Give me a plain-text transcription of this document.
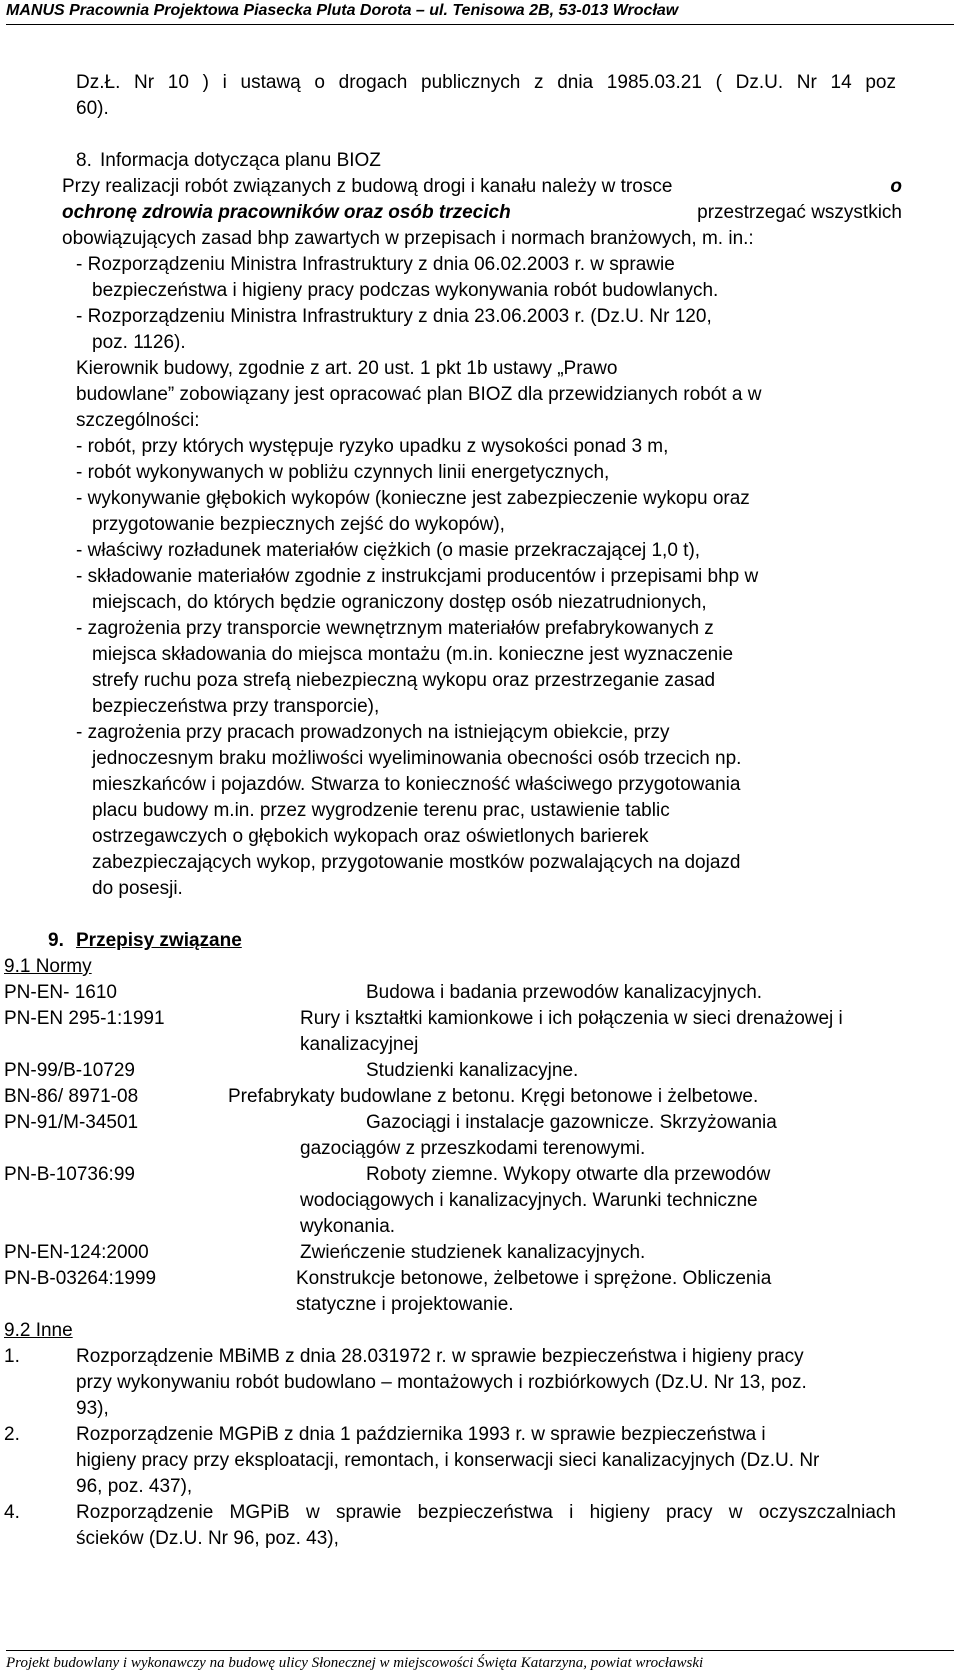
MANUS Pracownia Projektowa Piasecka Pluta Dorota – ul. Tenisowa 2B, 53-013 Wrocław
Dz.Ł. Nr 10 ) i ustawą o drogach publicznych z dnia 1985.03.21 ( Dz.U. Nr 14 poz
60).
8. Informacja dotycząca planu BIOZ
Przy realizacji robót związanych z budową drogi i kanału należy w trosce	o
ochronę zdrowia pracowników oraz osób trzecich	przestrzegać wszystkich
obowiązujących zasad bhp zawartych w przepisach i normach branżowych, m. in.:
- Rozporządzeniu Ministra Infrastruktury z dnia 06.02.2003 r. w sprawie
bezpieczeństwa i higieny pracy podczas wykonywania robót budowlanych.
- Rozporządzeniu Ministra Infrastruktury z dnia 23.06.2003 r. (Dz.U. Nr 120,
poz. 1126).
Kierownik budowy, zgodnie z art. 20 ust. 1 pkt 1b ustawy „Prawo
budowlane” zobowiązany jest opracować plan BIOZ dla przewidzianych robót a w
szczególności:
- robót, przy których występuje ryzyko upadku z wysokości ponad 3 m,
- robót wykonywanych w pobliżu czynnych linii energetycznych,
- wykonywanie głębokich wykopów (konieczne jest zabezpieczenie wykopu oraz
przygotowanie bezpiecznych zejść do wykopów),
- właściwy rozładunek materiałów ciężkich (o masie przekraczającej 1,0 t),
- składowanie materiałów zgodnie z instrukcjami producentów i przepisami bhp w
miejscach, do których będzie ograniczony dostęp osób niezatrudnionych,
- zagrożenia przy transporcie wewnętrznym materiałów prefabrykowanych z
miejsca składowania do miejsca montażu (m.in. konieczne jest wyznaczenie
strefy ruchu poza strefą niebezpieczną wykopu oraz przestrzeganie zasad
bezpieczeństwa przy transporcie),
- zagrożenia przy pracach prowadzonych na istniejącym obiekcie, przy
jednoczesnym braku możliwości wyeliminowania obecności osób trzecich np.
mieszkańców i pojazdów. Stwarza to konieczność właściwego przygotowania
placu budowy m.in. przez wygrodzenie terenu prac, ustawienie tablic
ostrzegawczych o głębokich wykopach oraz oświetlonych barierek
zabezpieczających wykop, przygotowanie mostków pozwalających na dojazd
do posesji.
9. Przepisy związane
9.1 Normy
PN-EN- 1610	Budowa i badania przewodów kanalizacyjnych.
PN-EN 295-1:1991	Rury i kształtki kamionkowe i ich połączenia w sieci drenażowej i kanalizacyjnej
PN-99/B-10729	Studzienki kanalizacyjne.
BN-86/ 8971-08	Prefabrykaty budowlane z betonu. Kręgi betonowe i żelbetowe.
PN-91/M-34501	Gazociągi i instalacje gazownicze. Skrzyżowania
gazociągów z przeszkodami terenowymi.
PN-B-10736:99	Roboty ziemne. Wykopy otwarte dla przewodów
wodociągowych i kanalizacyjnych. Warunki techniczne
wykonania.
PN-EN-124:2000	Zwieńczenie studzienek kanalizacyjnych.
PN-B-03264:1999	Konstrukcje betonowe, żelbetowe i sprężone. Obliczenia statyczne i projektowanie.
9.2 Inne
1.	Rozporządzenie MBiMB z dnia 28.031972 r. w sprawie bezpieczeństwa i higieny pracy
przy wykonywaniu robót budowlano – montażowych i rozbiórkowych (Dz.U. Nr 13, poz.
93),
2.	Rozporządzenie MGPiB z dnia 1 października 1993 r. w sprawie bezpieczeństwa i
higieny pracy przy eksploatacji, remontach, i konserwacji sieci kanalizacyjnych (Dz.U. Nr
96, poz. 437),
4.	Rozporządzenie MGPiB w sprawie bezpieczeństwa i higieny pracy w oczyszczalniach
ścieków (Dz.U. Nr 96, poz. 43),
Projekt budowlany i wykonawczy na budowę ulicy Słonecznej w miejscowości Święta Katarzyna, powiat wrocławski
